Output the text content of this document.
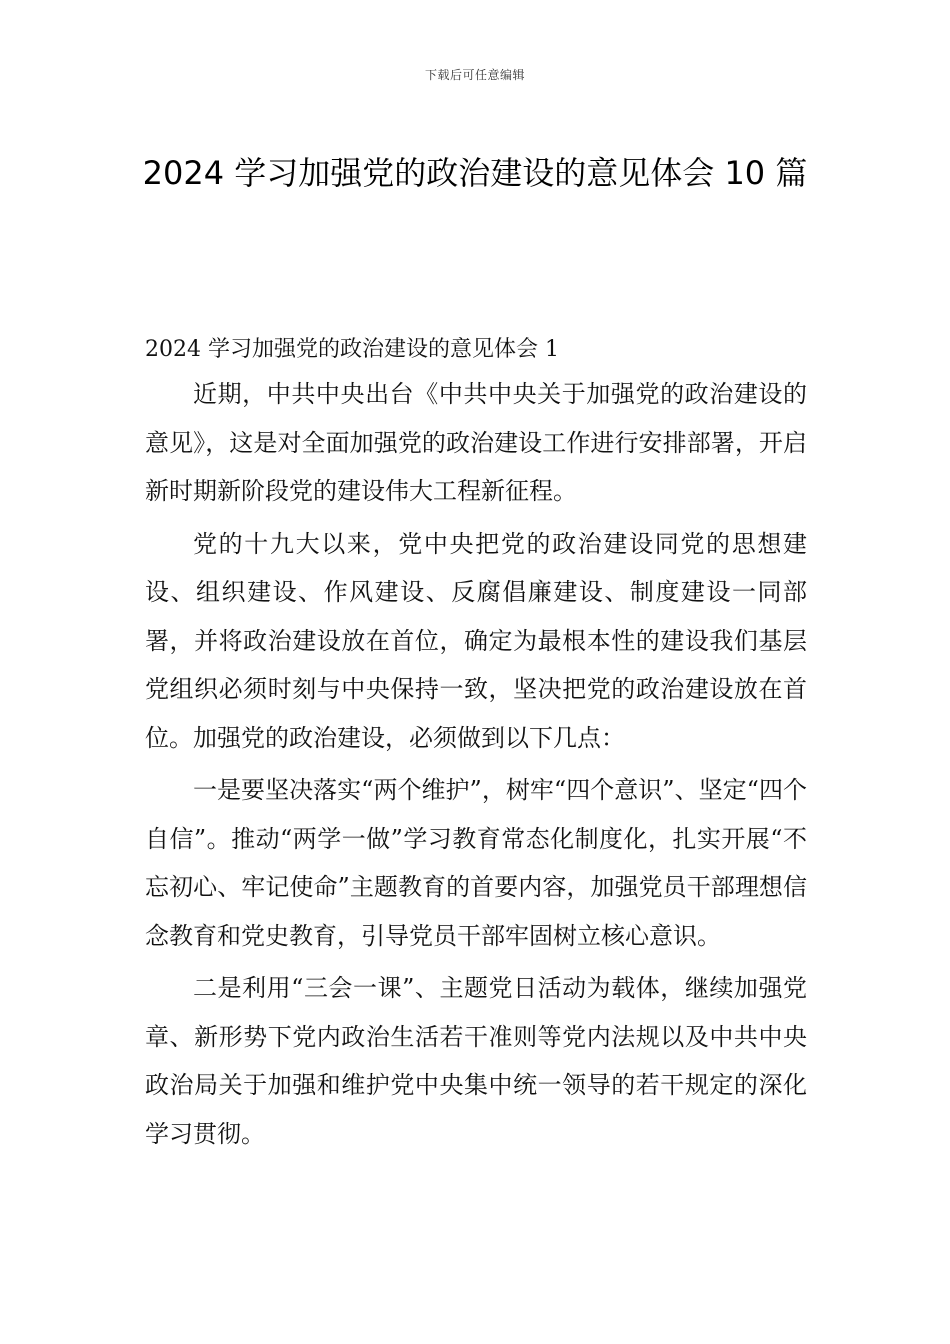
下载后可任意编辑
2024 学习加强党的政治建设的意见体会 10 篇
2024 学习加强党的政治建设的意见体会 1

近期，中共中央出台《中共中央关于加强党的政治建设的意见》，这是对全面加强党的政治建设工作进行安排部署，开启新时期新阶段党的建设伟大工程新征程。

党的十九大以来，党中央把党的政治建设同党的思想建设、组织建设、作风建设、反腐倡廉建设、制度建设一同部署，并将政治建设放在首位，确定为最根本性的建设我们基层党组织必须时刻与中央保持一致，坚决把党的政治建设放在首位。加强党的政治建设，必须做到以下几点：

一是要坚决落实“两个维护”，树牢“四个意识”、坚定“四个自信”。推动“两学一做”学习教育常态化制度化，扎实开展“不忘初心、牢记使命”主题教育的首要内容，加强党员干部理想信念教育和党史教育，引导党员干部牢固树立核心意识。

二是利用“三会一课”、主题党日活动为载体，继续加强党章、新形势下党内政治生活若干准则等党内法规以及中共中央政治局关于加强和维护党中央集中统一领导的若干规定的深化学习贯彻。
